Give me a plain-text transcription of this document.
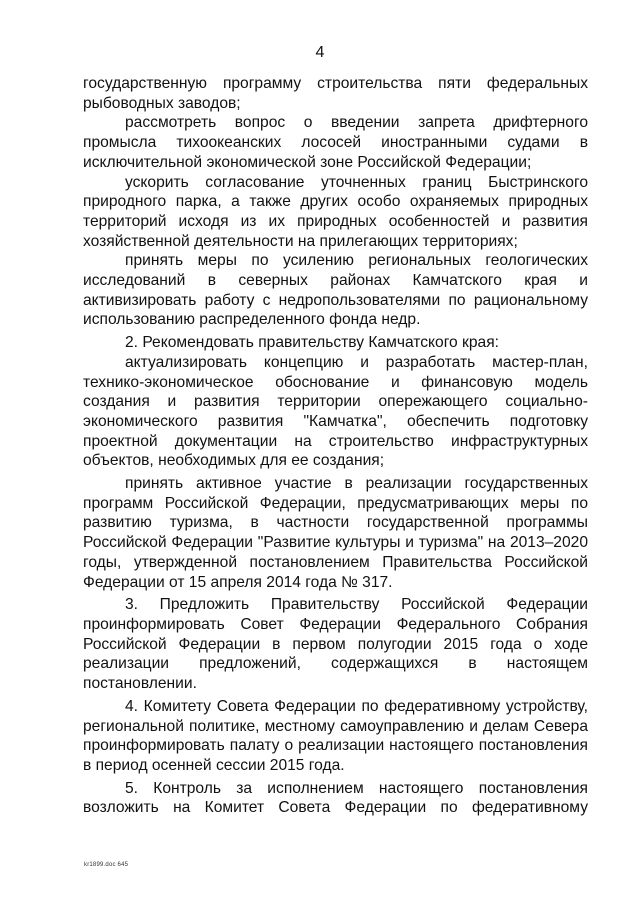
4

государственную программу строительства пяти федеральных рыбоводных заводов;

рассмотреть вопрос о введении запрета дрифтерного промысла тихоокеанских лососей иностранными судами в исключительной экономической зоне Российской Федерации;

ускорить согласование уточненных границ Быстринского природного парка, а также других особо охраняемых природных территорий исходя из их природных особенностей и развития хозяйственной деятельности на прилегающих территориях;

принять меры по усилению региональных геологических исследований в северных районах Камчатского края и активизировать работу с недропользователями по рациональному использованию распределенного фонда недр.

2. Рекомендовать правительству Камчатского края:

актуализировать концепцию и разработать мастер-план, технико-экономическое обоснование и финансовую модель создания и развития территории опережающего социально-экономического развития "Камчатка", обеспечить подготовку проектной документации на строительство инфраструктурных объектов, необходимых для ее создания;

принять активное участие в реализации государственных программ Российской Федерации, предусматривающих меры по развитию туризма, в частности государственной программы Российской Федерации "Развитие культуры и туризма" на 2013–2020 годы, утвержденной постановлением Правительства Российской Федерации от 15 апреля 2014 года № 317.

3. Предложить Правительству Российской Федерации проинформировать Совет Федерации Федерального Собрания Российской Федерации в первом полугодии 2015 года о ходе реализации предложений, содержащихся в настоящем постановлении.

4. Комитету Совета Федерации по федеративному устройству, региональной политике, местному самоуправлению и делам Севера проинформировать палату о реализации настоящего постановления в период осенней сессии 2015 года.

5. Контроль за исполнением настоящего постановления возложить на Комитет Совета Федерации по федеративному

kr1899.doc 645
